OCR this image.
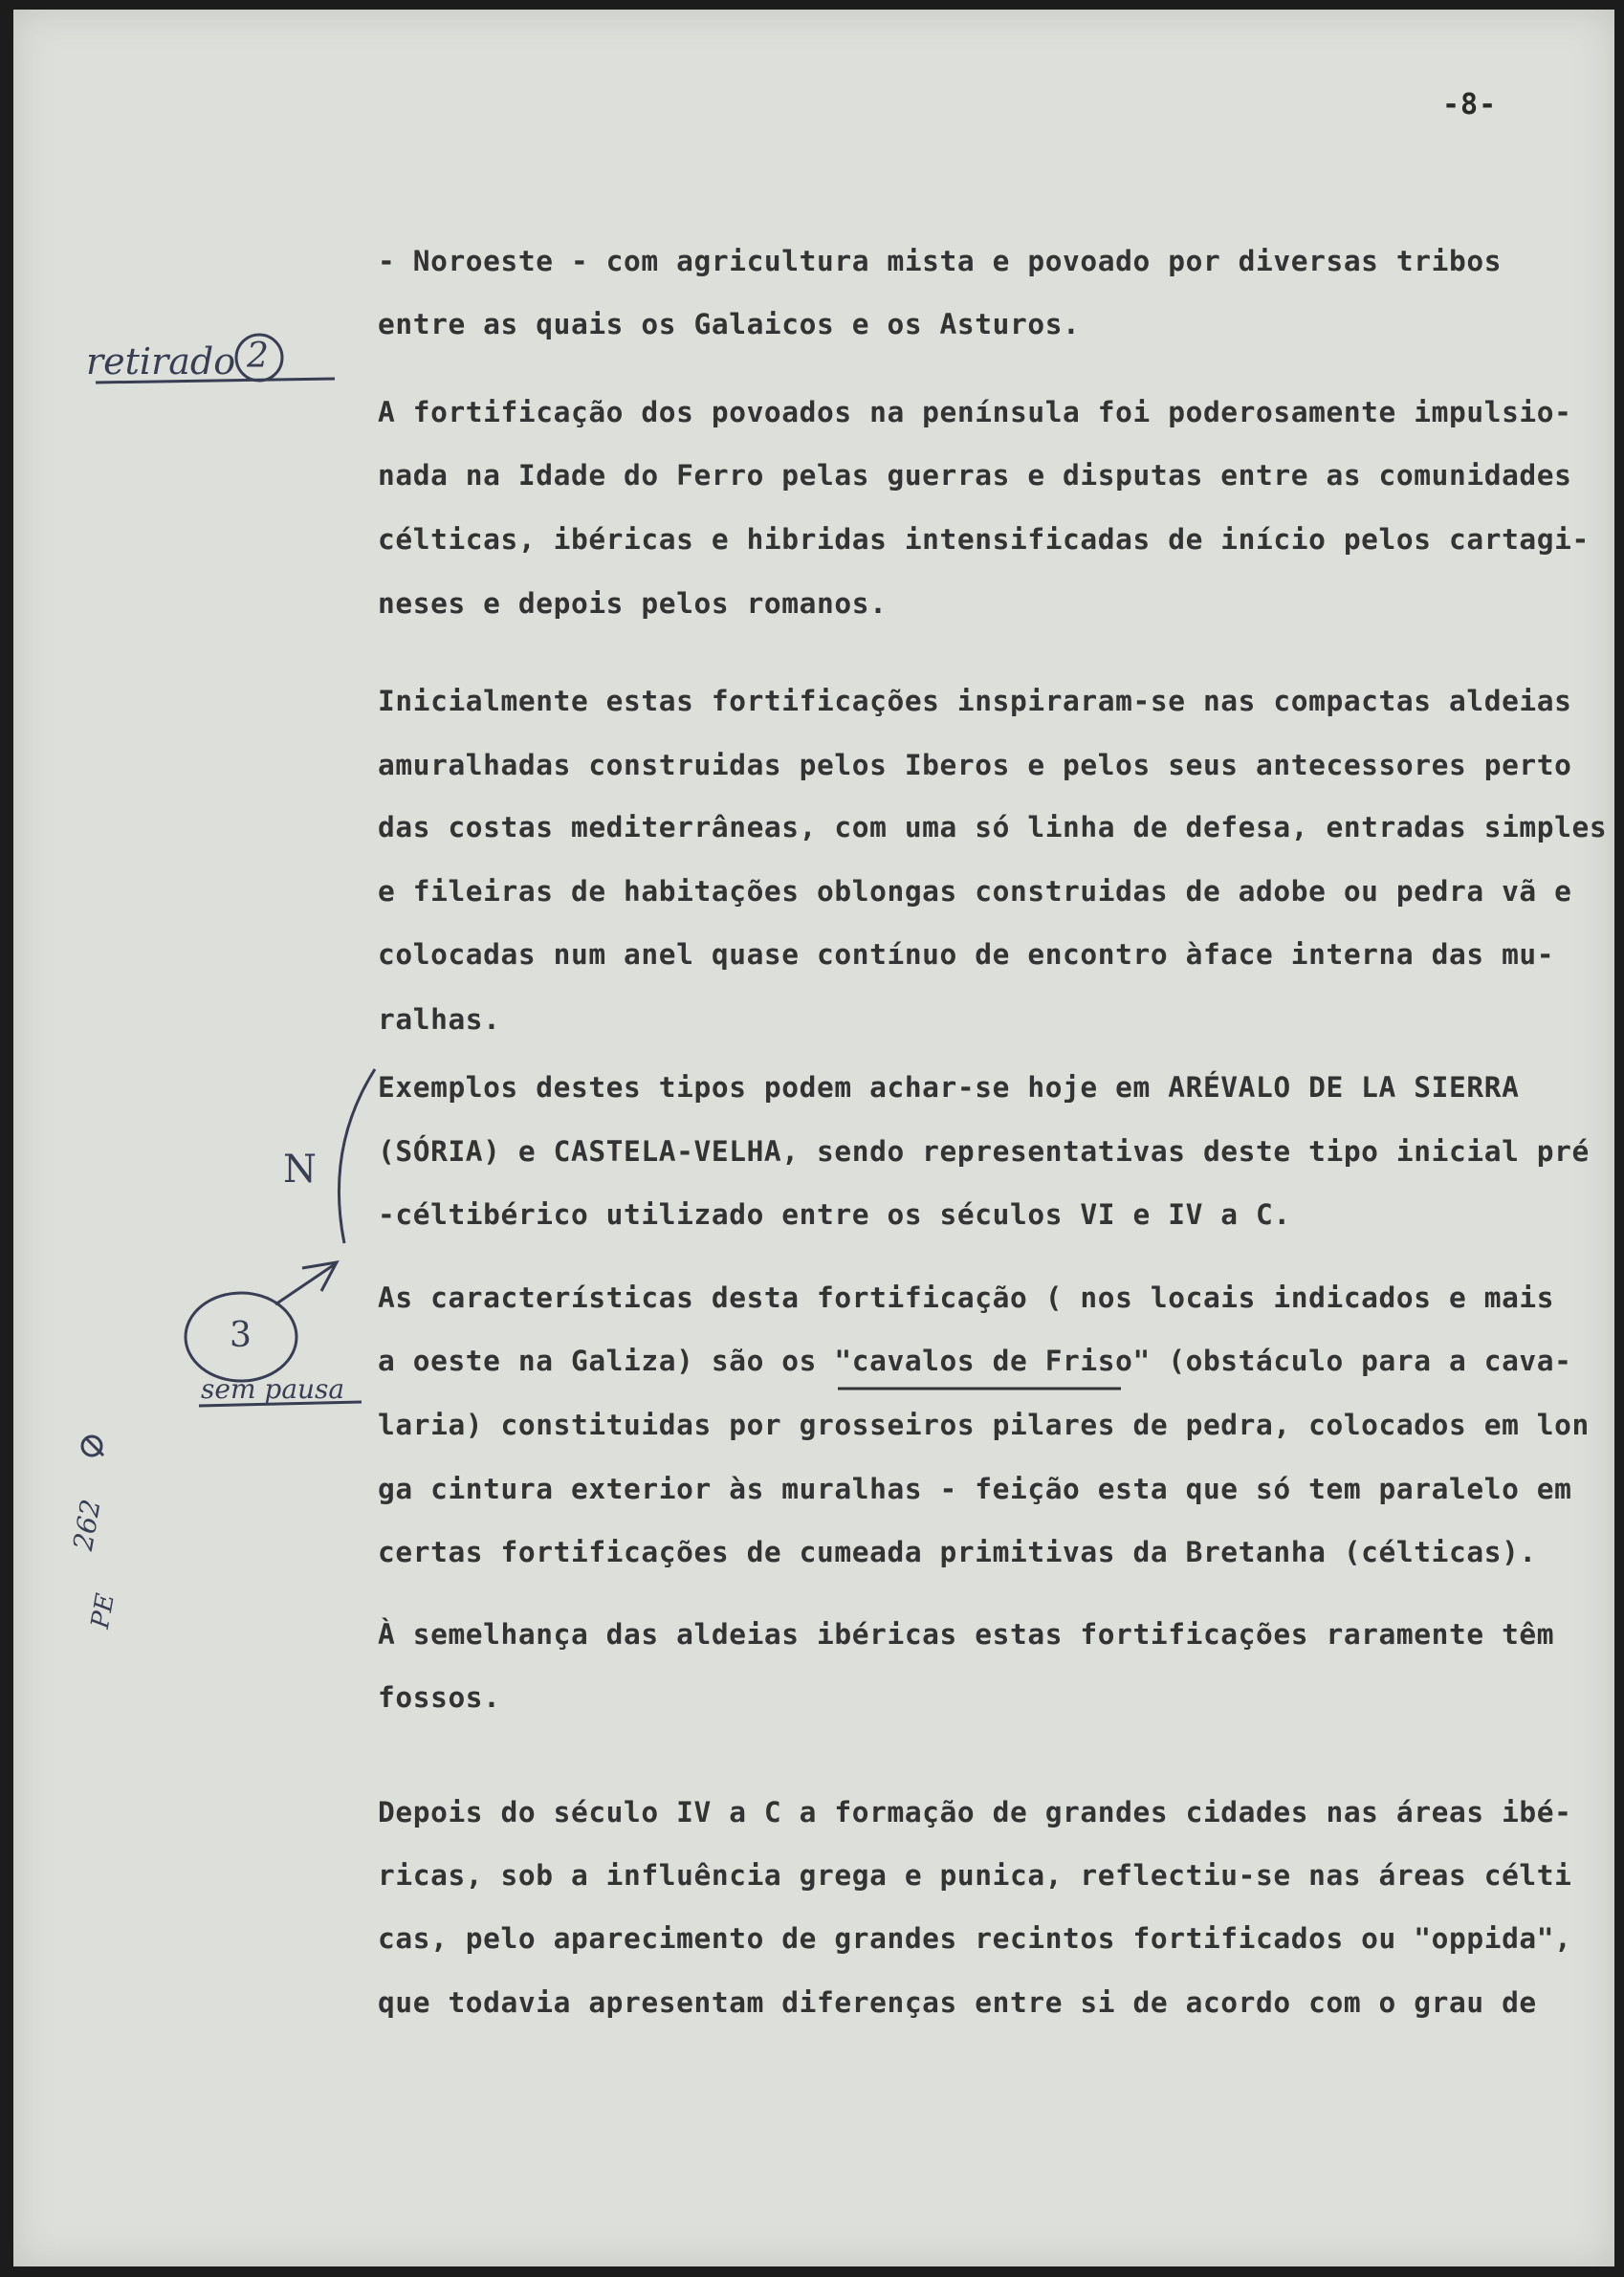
-8-
- Noroeste - com agricultura mista e povoado por diversas tribos
entre as quais os Galaicos e os Asturos.
A fortificação dos povoados na península foi poderosamente impulsio-
nada na Idade do Ferro pelas guerras e disputas entre as comunidades
célticas, ibéricas e hibridas intensificadas de início pelos cartagi-
neses e depois pelos romanos.
Inicialmente estas fortificações inspiraram-se nas compactas aldeias
amuralhadas construidas pelos Iberos e pelos seus antecessores perto
das costas mediterrâneas, com uma só linha de defesa, entradas simples
e fileiras de habitações oblongas construidas de adobe ou pedra vã e
colocadas num anel quase contínuo de encontro àface interna das mu-
ralhas.
Exemplos destes tipos podem achar-se hoje em ARÉVALO DE LA SIERRA
(SÓRIA) e CASTELA-VELHA, sendo representativas deste tipo inicial pré
-céltibérico utilizado entre os séculos VI e IV a C.
As características desta fortificação ( nos locais indicados e mais
a oeste na Galiza) são os "cavalos de Friso" (obstáculo para a cava-
laria) constituidas por grosseiros pilares de pedra, colocados em lon
ga cintura exterior às muralhas - feição esta que só tem paralelo em
certas fortificações de cumeada primitivas da Bretanha (célticas).
À semelhança das aldeias ibéricas estas fortificações raramente têm
fossos.
Depois do século IV a C a formação de grandes cidades nas áreas ibé-
ricas, sob a influência grega e punica, reflectiu-se nas áreas célti
cas, pelo aparecimento de grandes recintos fortificados ou "oppida",
que todavia apresentam diferenças entre si de acordo com o grau de
retirado 2
N
3
sem pausa
262
PE
